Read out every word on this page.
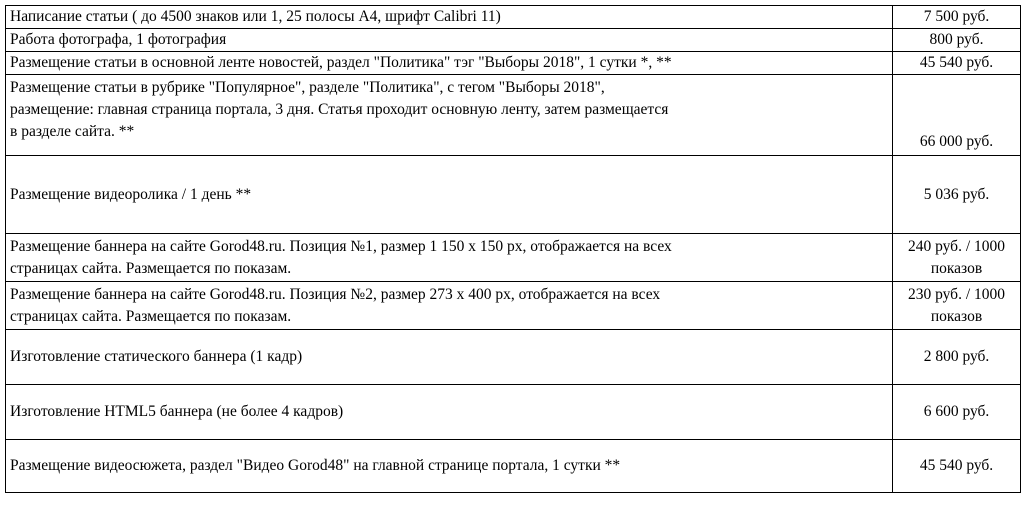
Написание статьи ( до 4500 знаков или 1, 25 полосы А4, шрифт Calibri 11)	7 500 руб.

Работа фотографа, 1 фотография	800 руб.

Размещение статьи в основной ленте новостей, раздел "Политика" тэг "Выборы 2018", 1 сутки *, **	45 540 руб.

Размещение статьи в рубрике "Популярное", разделе "Политика", с тегом "Выборы 2018",
размещение: главная страница портала, 3 дня. Статья проходит основную ленту, затем размещается
в разделе сайта. **	66 000 руб.

Размещение видеоролика / 1 день **	5 036 руб.

Размещение баннера на сайте Gorod48.ru. Позиция №1, размер 1 150 х 150 px, отображается на всех
страницах сайта. Размещается по показам.	240 руб. / 1000
показов

Размещение баннера на сайте Gorod48.ru. Позиция №2, размер 273 х 400 px, отображается на всех
страницах сайта. Размещается по показам.	230 руб. / 1000
показов

Изготовление статического баннера (1 кадр)	2 800 руб.

Изготовление HTML5 баннера (не более 4 кадров)	6 600 руб.

Размещение видеосюжета, раздел "Видео Gorod48" на главной странице портала, 1 сутки **	45 540 руб.
